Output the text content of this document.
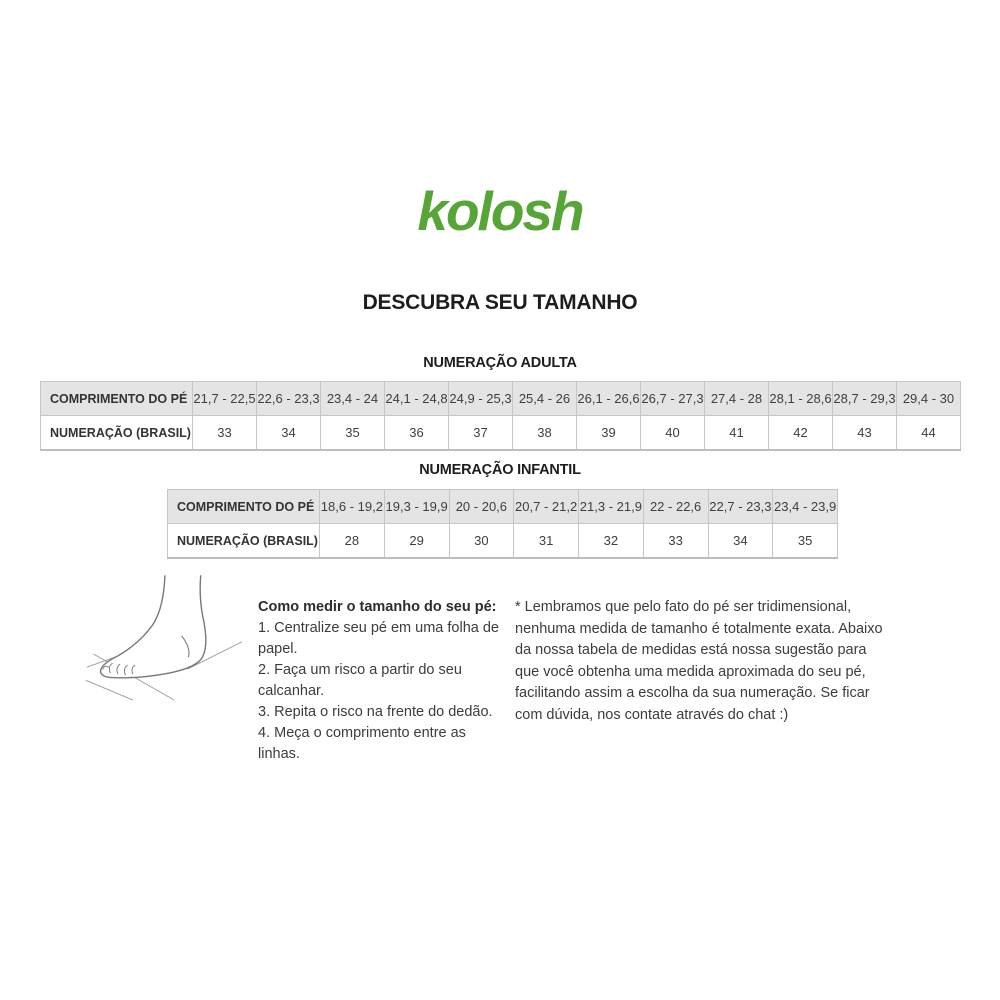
kolosh
DESCUBRA SEU TAMANHO
NUMERAÇÃO ADULTA
COMPRIMENTO DO PÉ	21,7 - 22,5	22,6 - 23,3	23,4 - 24	24,1 - 24,8	24,9 - 25,3	25,4 - 26	26,1 - 26,6	26,7 - 27,3	27,4 - 28	28,1 - 28,6	28,7 - 29,3	29,4 - 30
NUMERAÇÃO (BRASIL)	33	34	35	36	37	38	39	40	41	42	43	44
NUMERAÇÃO INFANTIL
COMPRIMENTO DO PÉ	18,6 - 19,2	19,3 - 19,9	20 - 20,6	20,7 - 21,2	21,3 - 21,9	22 - 22,6	22,7 - 23,3	23,4 - 23,9
NUMERAÇÃO (BRASIL)	28	29	30	31	32	33	34	35
Como medir o tamanho do seu pé:
1. Centralize seu pé em uma folha de papel.
2. Faça um risco a partir do seu calcanhar.
3. Repita o risco na frente do dedão.
4. Meça o comprimento entre as linhas.
* Lembramos que pelo fato do pé ser tridimensional, nenhuma medida de tamanho é totalmente exata. Abaixo da nossa tabela de medidas está nossa sugestão para que você obtenha uma medida aproximada do seu pé, facilitando assim a escolha da sua numeração. Se ficar com dúvida, nos contate através do chat :)
